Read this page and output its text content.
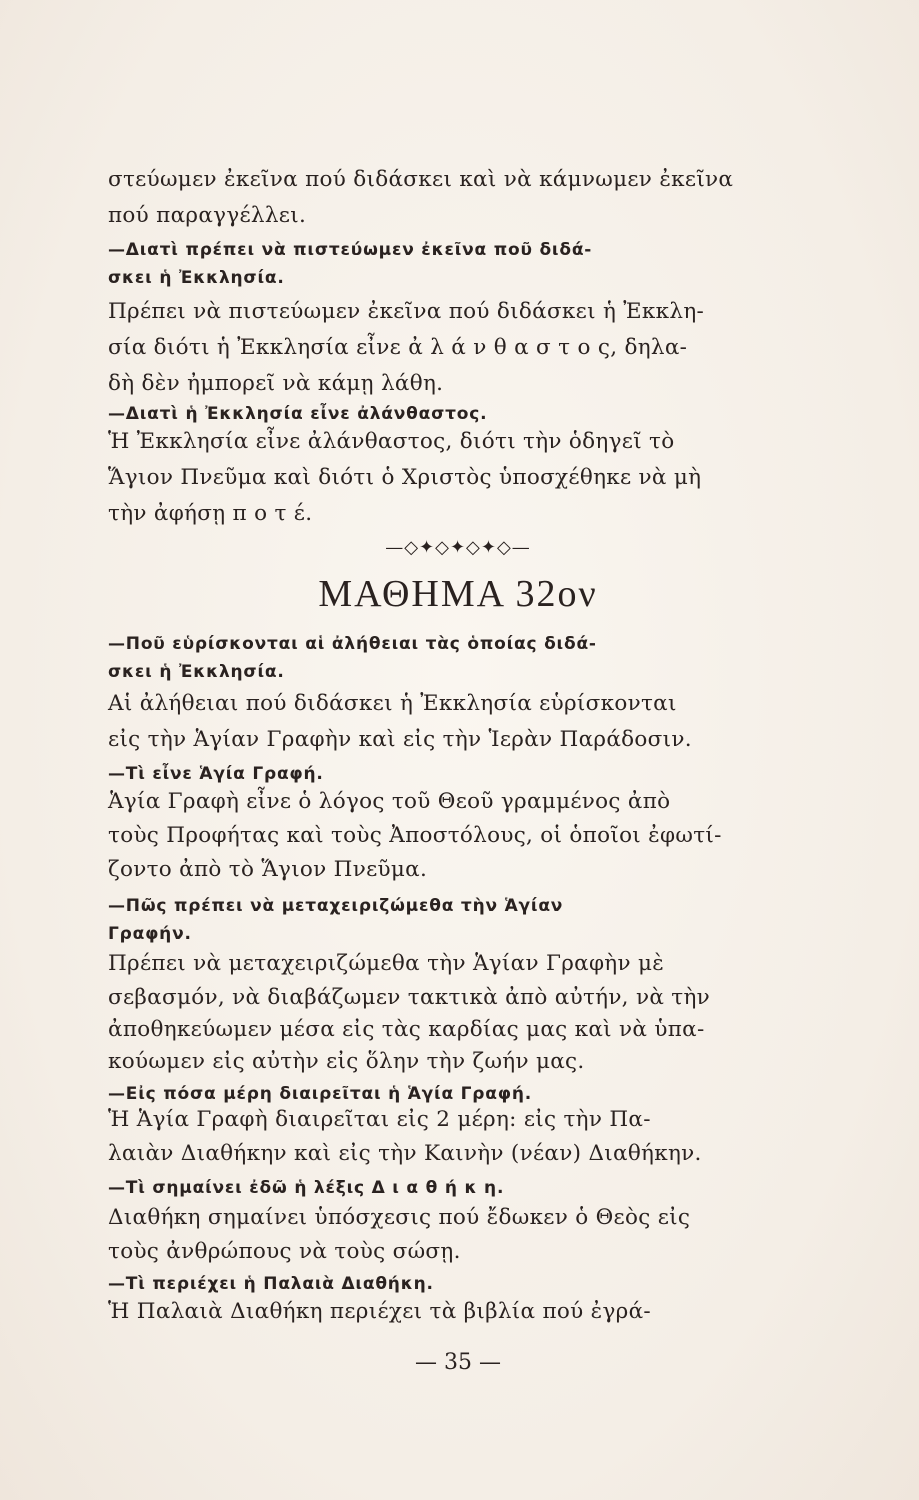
στεύωμεν ἐκεῖνα πού διδάσκει καὶ νὰ κάμνωμεν ἐκεῖνα
πού παραγγέλλει.
—Διατὶ πρέπει νὰ πιστεύωμεν ἐκεῖνα ποῦ διδά-
σκει ἡ Ἐκκλησία.
Πρέπει νὰ πιστεύωμεν ἐκεῖνα πού διδάσκει ἡ Ἐκκλη-
σία διότι ἡ Ἐκκλησία εἶνε ἀ λ ά ν θ α σ τ ο ς, δηλα-
δὴ δὲν ἠμπορεῖ νὰ κάμῃ λάθη.
—Διατὶ ἡ Ἐκκλησία εἶνε ἀλάνθαστος.
Ἡ Ἐκκλησία εἶνε ἀλάνθαστος, διότι τὴν ὁδηγεῖ τὸ
Ἅγιον Πνεῦμα καὶ διότι ὁ Χριστὸς ὑποσχέθηκε νὰ μὴ
τὴν ἀφήσῃ π ο τ έ.
—◇✦◇✦◇✦◇—
ΜΑΘΗΜΑ 32ον
—Ποῦ εὑρίσκονται αἱ ἀλήθειαι τὰς ὁποίας διδά-
σκει ἡ Ἐκκλησία.
Αἱ ἀλήθειαι πού διδάσκει ἡ Ἐκκλησία εὑρίσκονται
εἰς τὴν Ἁγίαν Γραφὴν καὶ εἰς τὴν Ἱερὰν Παράδοσιν.
—Τὶ εἶνε Ἁγία Γραφή.
Ἁγία Γραφὴ εἶνε ὁ λόγος τοῦ Θεοῦ γραμμένος ἀπὸ
τοὺς Προφήτας καὶ τοὺς Ἀποστόλους, οἱ ὁποῖοι ἐφωτί-
ζοντο ἀπὸ τὸ Ἅγιον Πνεῦμα.
—Πῶς πρέπει νὰ μεταχειριζώμεθα τὴν Ἁγίαν
Γραφήν.
Πρέπει νὰ μεταχειριζώμεθα τὴν Ἁγίαν Γραφὴν μὲ
σεβασμόν, νὰ διαβάζωμεν τακτικὰ ἀπὸ αὐτήν, νὰ τὴν
ἀποθηκεύωμεν μέσα εἰς τὰς καρδίας μας καὶ νὰ ὑπα-
κούωμεν εἰς αὐτὴν εἰς ὅλην τὴν ζωήν μας.
—Εἰς πόσα μέρη διαιρεῖται ἡ Ἁγία Γραφή.
Ἡ Ἁγία Γραφὴ διαιρεῖται εἰς 2 μέρη: εἰς τὴν Πα-
λαιὰν Διαθήκην καὶ εἰς τὴν Καινὴν (νέαν) Διαθήκην.
—Τὶ σημαίνει ἐδῶ ἡ λέξις Δ ι α θ ή κ η.
Διαθήκη σημαίνει ὑπόσχεσις πού ἔδωκεν ὁ Θεὸς εἰς
τοὺς ἀνθρώπους νὰ τοὺς σώσῃ.
—Τὶ περιέχει ἡ Παλαιὰ Διαθήκη.
Ἡ Παλαιὰ Διαθήκη περιέχει τὰ βιβλία πού ἐγρά-
— 35 —
